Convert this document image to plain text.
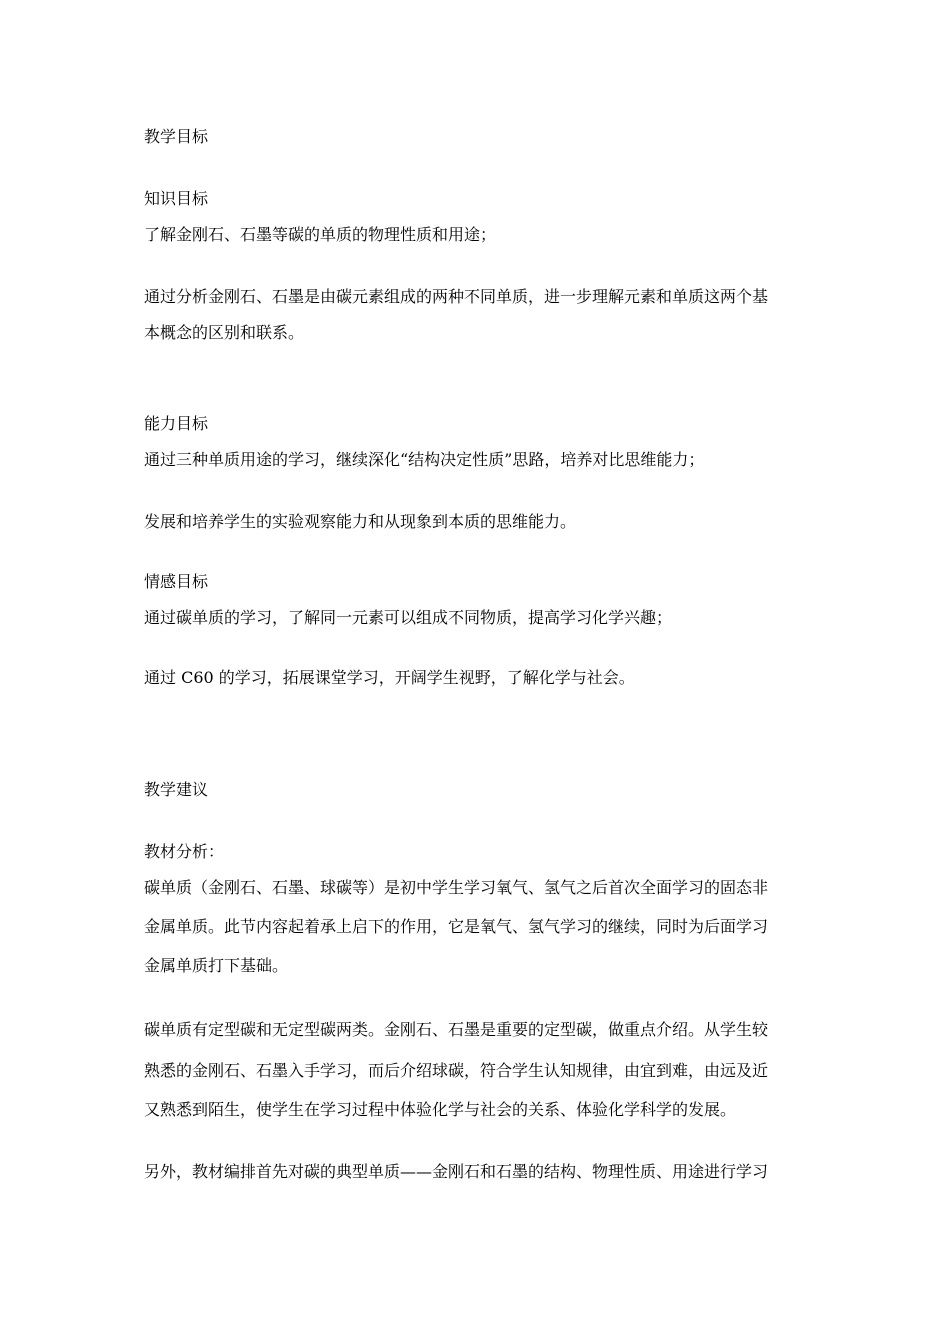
教学目标
知识目标
了解金刚石、石墨等碳的单质的物理性质和用途；
通过分析金刚石、石墨是由碳元素组成的两种不同单质，进一步理解元素和单质这两个基
本概念的区别和联系。
能力目标
通过三种单质用途的学习，继续深化“结构决定性质”思路，培养对比思维能力；
发展和培养学生的实验观察能力和从现象到本质的思维能力。
情感目标
通过碳单质的学习，了解同一元素可以组成不同物质，提高学习化学兴趣；
通过 C60 的学习，拓展课堂学习，开阔学生视野，了解化学与社会。
教学建议
教材分析：
碳单质（金刚石、石墨、球碳等）是初中学生学习氧气、氢气之后首次全面学习的固态非
金属单质。此节内容起着承上启下的作用，它是氧气、氢气学习的继续，同时为后面学习
金属单质打下基础。
碳单质有定型碳和无定型碳两类。金刚石、石墨是重要的定型碳，做重点介绍。从学生较
熟悉的金刚石、石墨入手学习，而后介绍球碳，符合学生认知规律，由宜到难，由远及近
又熟悉到陌生，使学生在学习过程中体验化学与社会的关系、体验化学科学的发展。
另外，教材编排首先对碳的典型单质——金刚石和石墨的结构、物理性质、用途进行学习
